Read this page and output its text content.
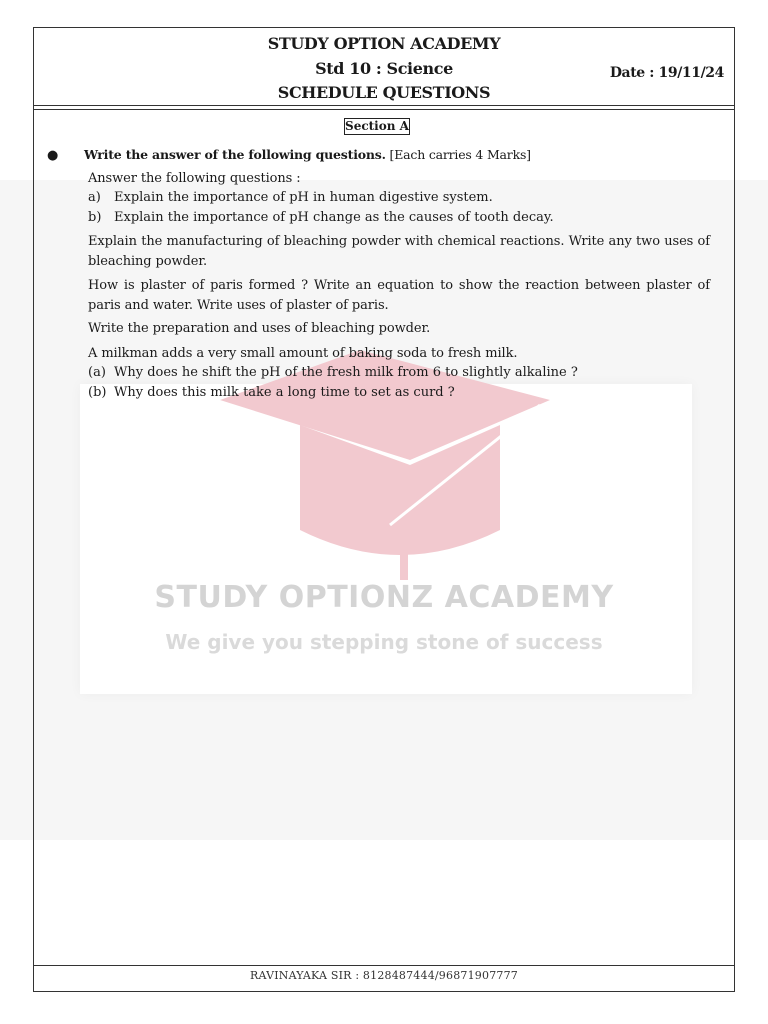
STUDY OPTIONZ ACADEMY
We give you stepping stone of success
STUDY OPTION ACADEMY
Std 10 : Science
SCHEDULE QUESTIONS
Date : 19/11/24
Section A
● Write the answer of the following questions. [Each carries 4 Marks]
Answer the following questions :
a) Explain the importance of pH in human digestive system.
b) Explain the importance of pH change as the causes of tooth decay.
Explain the manufacturing of bleaching powder with chemical reactions. Write any two uses of bleaching powder.
How is plaster of paris formed ? Write an equation to show the reaction between plaster of paris and water. Write uses of plaster of paris.
Write the preparation and uses of bleaching powder.
A milkman adds a very small amount of baking soda to fresh milk.
(a) Why does he shift the pH of the fresh milk from 6 to slightly alkaline ?
(b) Why does this milk take a long time to set as curd ?
RAVINAYAKA SIR : 8128487444/96871907777
